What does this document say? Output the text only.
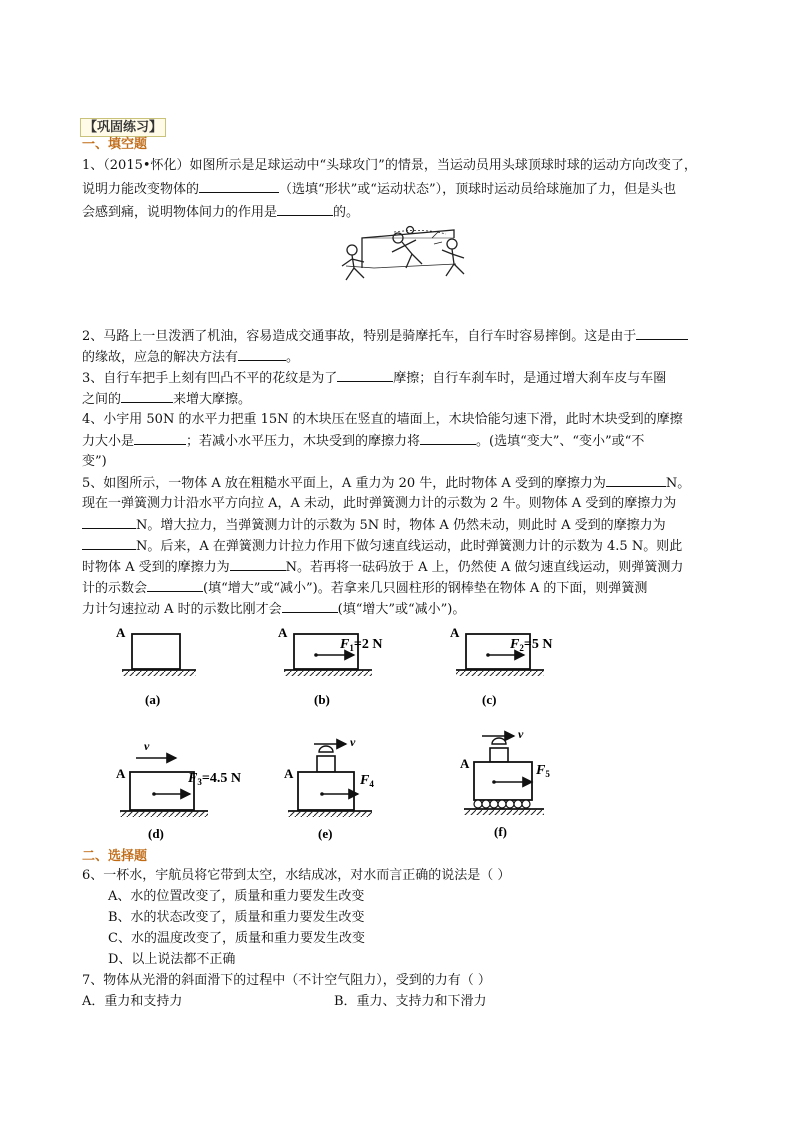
【巩固练习】
一、填空题
1、（2015•怀化）如图所示是足球运动中“头球攻门”的情景，当运动员用头球顶球时球的运动方向改变了，
说明力能改变物体的	（选填“形状”或“运动状态”），顶球时运动员给球施加了力，但是头也
会感到痛，说明物体间力的作用是	的。
2、马路上一旦泼洒了机油，容易造成交通事故，特别是骑摩托车，自行车时容易摔倒。这是由于
的缘故，应急的解决方法有	。
3、自行车把手上刻有凹凸不平的花纹是为了	摩擦；自行车刹车时，是通过增大刹车皮与车圈
之间的	来增大摩擦。
4、小宇用 50N 的水平力把重 15N 的木块压在竖直的墙面上，木块恰能匀速下滑，此时木块受到的摩擦
力大小是	；若减小水平压力，木块受到的摩擦力将	。(选填“变大”、“变小”或“不
变”)
5、如图所示，一物体 A 放在粗糙水平面上，A 重力为 20 牛，此时物体 A 受到的摩擦力为	N。
现在一弹簧测力计沿水平方向拉 A，A 未动，此时弹簧测力计的示数为 2 牛。则物体 A 受到的摩擦力为
N。增大拉力，当弹簧测力计的示数为 5N 时，物体 A 仍然未动，则此时 A 受到的摩擦力为
N。后来，A 在弹簧测力计拉力作用下做匀速直线运动，此时弹簧测力计的示数为 4.5 N。则此
时物体 A 受到的摩擦力为	N。若再将一砝码放于 A 上，仍然使 A 做匀速直线运动，则弹簧测力
计的示数会	(填“增大”或“减小”)。若拿来几只圆柱形的钢棒垫在物体 A 的下面，则弹簧测
力计匀速拉动 A 时的示数比刚才会	(填“增大”或“减小”)。
A
(a)
A
$F_1=2$ N
(b)
A
$F_2=5$ N
(c)
v
A	$F_3=4.5$ N
(d)
v
A	$F_4$
(e)
v
A	$F_5$
(f)
二、选择题
6、一杯水，宇航员将它带到太空，水结成冰，对水而言正确的说法是（ ）
A、水的位置改变了，质量和重力要发生改变
B、水的状态改变了，质量和重力要发生改变
C、水的温度改变了，质量和重力要发生改变
D、以上说法都不正确
7、物体从光滑的斜面滑下的过程中（不计空气阻力），受到的力有（ ）
A．重力和支持力	B．重力、支持力和下滑力
